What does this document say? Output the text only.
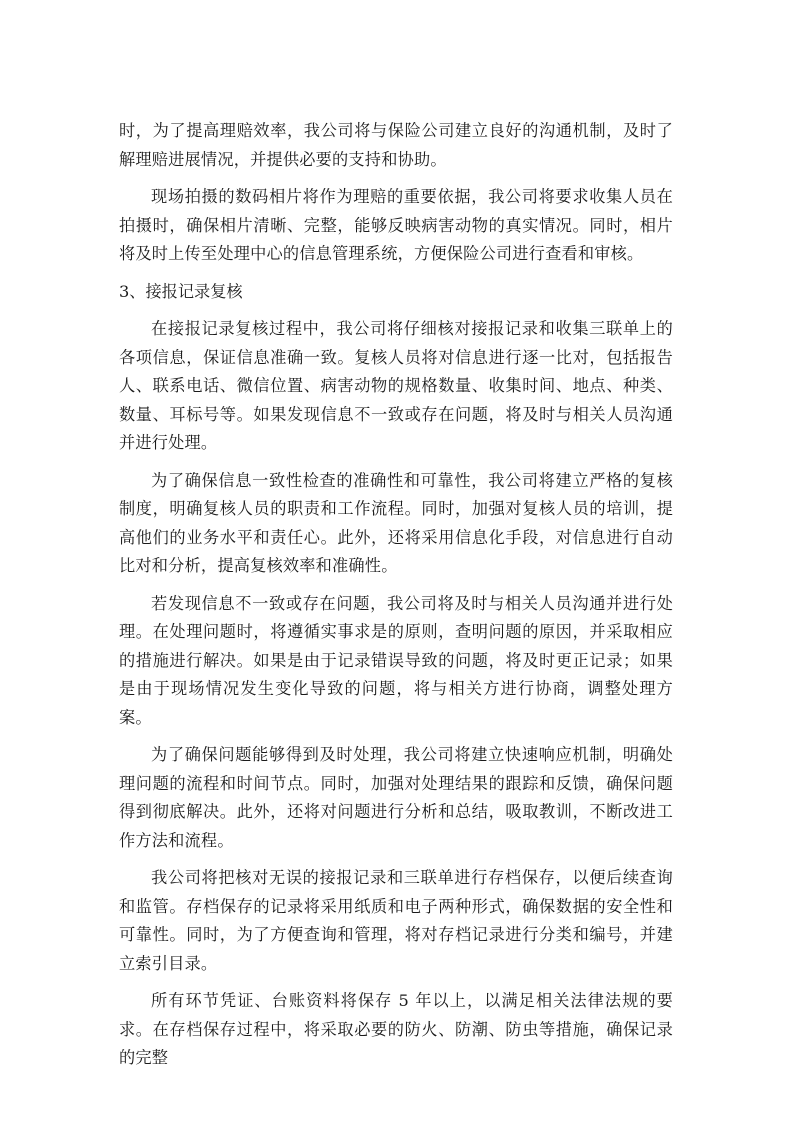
时，为了提高理赔效率，我公司将与保险公司建立良好的沟通机制，及时了解理赔进展情况，并提供必要的支持和协助。

现场拍摄的数码相片将作为理赔的重要依据，我公司将要求收集人员在拍摄时，确保相片清晰、完整，能够反映病害动物的真实情况。同时，相片将及时上传至处理中心的信息管理系统，方便保险公司进行查看和审核。

3、接报记录复核

在接报记录复核过程中，我公司将仔细核对接报记录和收集三联单上的各项信息，保证信息准确一致。复核人员将对信息进行逐一比对，包括报告人、联系电话、微信位置、病害动物的规格数量、收集时间、地点、种类、数量、耳标号等。如果发现信息不一致或存在问题，将及时与相关人员沟通并进行处理。

为了确保信息一致性检查的准确性和可靠性，我公司将建立严格的复核制度，明确复核人员的职责和工作流程。同时，加强对复核人员的培训，提高他们的业务水平和责任心。此外，还将采用信息化手段，对信息进行自动比对和分析，提高复核效率和准确性。

若发现信息不一致或存在问题，我公司将及时与相关人员沟通并进行处理。在处理问题时，将遵循实事求是的原则，查明问题的原因，并采取相应的措施进行解决。如果是由于记录错误导致的问题，将及时更正记录；如果是由于现场情况发生变化导致的问题，将与相关方进行协商，调整处理方案。

为了确保问题能够得到及时处理，我公司将建立快速响应机制，明确处理问题的流程和时间节点。同时，加强对处理结果的跟踪和反馈，确保问题得到彻底解决。此外，还将对问题进行分析和总结，吸取教训，不断改进工作方法和流程。

我公司将把核对无误的接报记录和三联单进行存档保存，以便后续查询和监管。存档保存的记录将采用纸质和电子两种形式，确保数据的安全性和可靠性。同时，为了方便查询和管理，将对存档记录进行分类和编号，并建立索引目录。

所有环节凭证、台账资料将保存 5 年以上，以满足相关法律法规的要求。在存档保存过程中，将采取必要的防火、防潮、防虫等措施，确保记录的完整
